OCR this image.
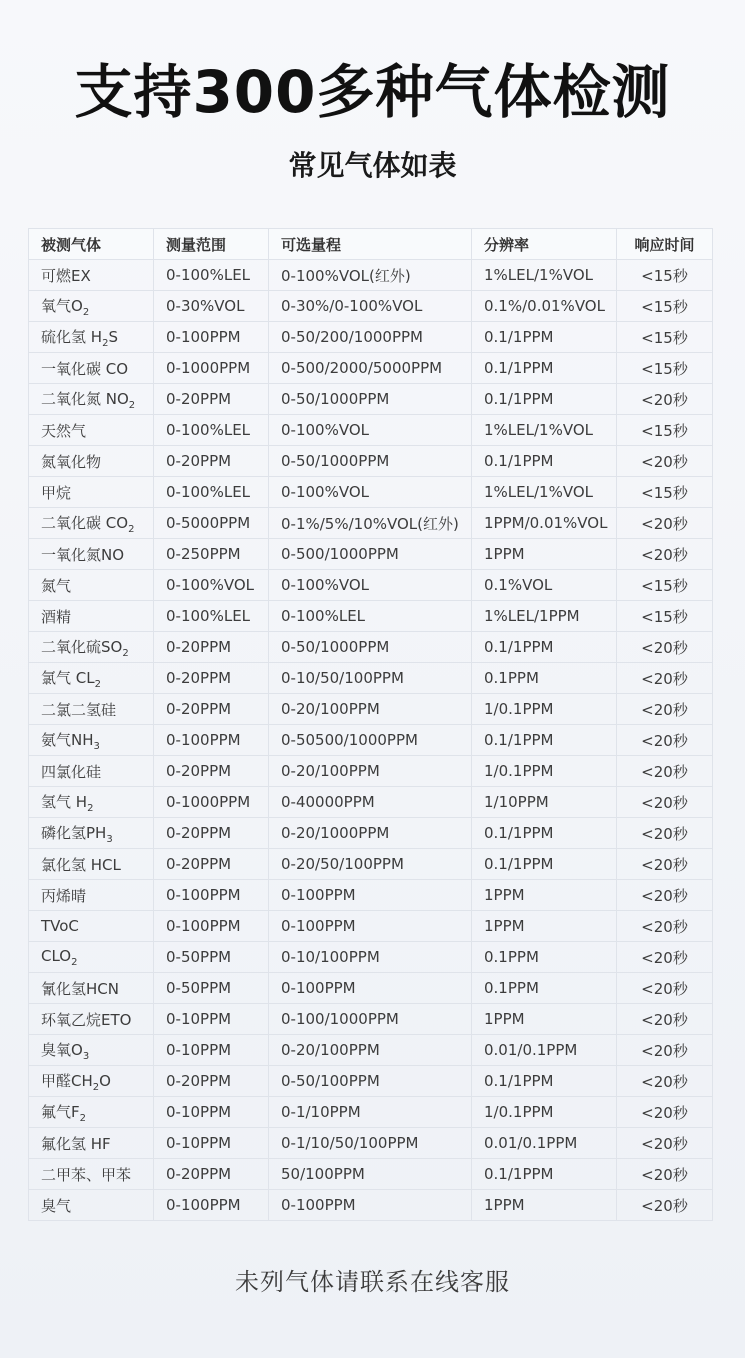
支持300多种气体检测
常见气体如表
被测气体	测量范围	可选量程	分辨率	响应时间
可燃EX	0-100%LEL	0-100%VOL(红外)	1%LEL/1%VOL	<15秒
氧气$O_2$	0-30%VOL	0-30%/0-100%VOL	0.1%/0.01%VOL	<15秒
硫化氢 $H_2S$	0-100PPM	0-50/200/1000PPM	0.1/1PPM	<15秒
一氧化碳 CO	0-1000PPM	0-500/2000/5000PPM	0.1/1PPM	<15秒
二氧化氮 $NO_2$	0-20PPM	0-50/1000PPM	0.1/1PPM	<20秒
天然气	0-100%LEL	0-100%VOL	1%LEL/1%VOL	<15秒
氮氧化物	0-20PPM	0-50/1000PPM	0.1/1PPM	<20秒
甲烷	0-100%LEL	0-100%VOL	1%LEL/1%VOL	<15秒
二氧化碳 $CO_2$	0-5000PPM	0-1%/5%/10%VOL(红外)	1PPM/0.01%VOL	<20秒
一氧化氮NO	0-250PPM	0-500/1000PPM	1PPM	<20秒
氮气	0-100%VOL	0-100%VOL	0.1%VOL	<15秒
酒精	0-100%LEL	0-100%LEL	1%LEL/1PPM	<15秒
二氧化硫$SO_2$	0-20PPM	0-50/1000PPM	0.1/1PPM	<20秒
氯气 $CL_2$	0-20PPM	0-10/50/100PPM	0.1PPM	<20秒
二氯二氢硅	0-20PPM	0-20/100PPM	1/0.1PPM	<20秒
氨气$NH_3$	0-100PPM	0-50500/1000PPM	0.1/1PPM	<20秒
四氯化硅	0-20PPM	0-20/100PPM	1/0.1PPM	<20秒
氢气 $H_2$	0-1000PPM	0-40000PPM	1/10PPM	<20秒
磷化氢$PH_3$	0-20PPM	0-20/1000PPM	0.1/1PPM	<20秒
氯化氢 HCL	0-20PPM	0-20/50/100PPM	0.1/1PPM	<20秒
丙烯晴	0-100PPM	0-100PPM	1PPM	<20秒
TVoC	0-100PPM	0-100PPM	1PPM	<20秒
$CLO_2$	0-50PPM	0-10/100PPM	0.1PPM	<20秒
氰化氢HCN	0-50PPM	0-100PPM	0.1PPM	<20秒
环氧乙烷ETO	0-10PPM	0-100/1000PPM	1PPM	<20秒
臭氧$O_3$	0-10PPM	0-20/100PPM	0.01/0.1PPM	<20秒
甲醛$CH_2O$	0-20PPM	0-50/100PPM	0.1/1PPM	<20秒
氟气$F_2$	0-10PPM	0-1/10PPM	1/0.1PPM	<20秒
氟化氢 HF	0-10PPM	0-1/10/50/100PPM	0.01/0.1PPM	<20秒
二甲苯、甲苯	0-20PPM	50/100PPM	0.1/1PPM	<20秒
臭气	0-100PPM	0-100PPM	1PPM	<20秒
未列气体请联系在线客服
